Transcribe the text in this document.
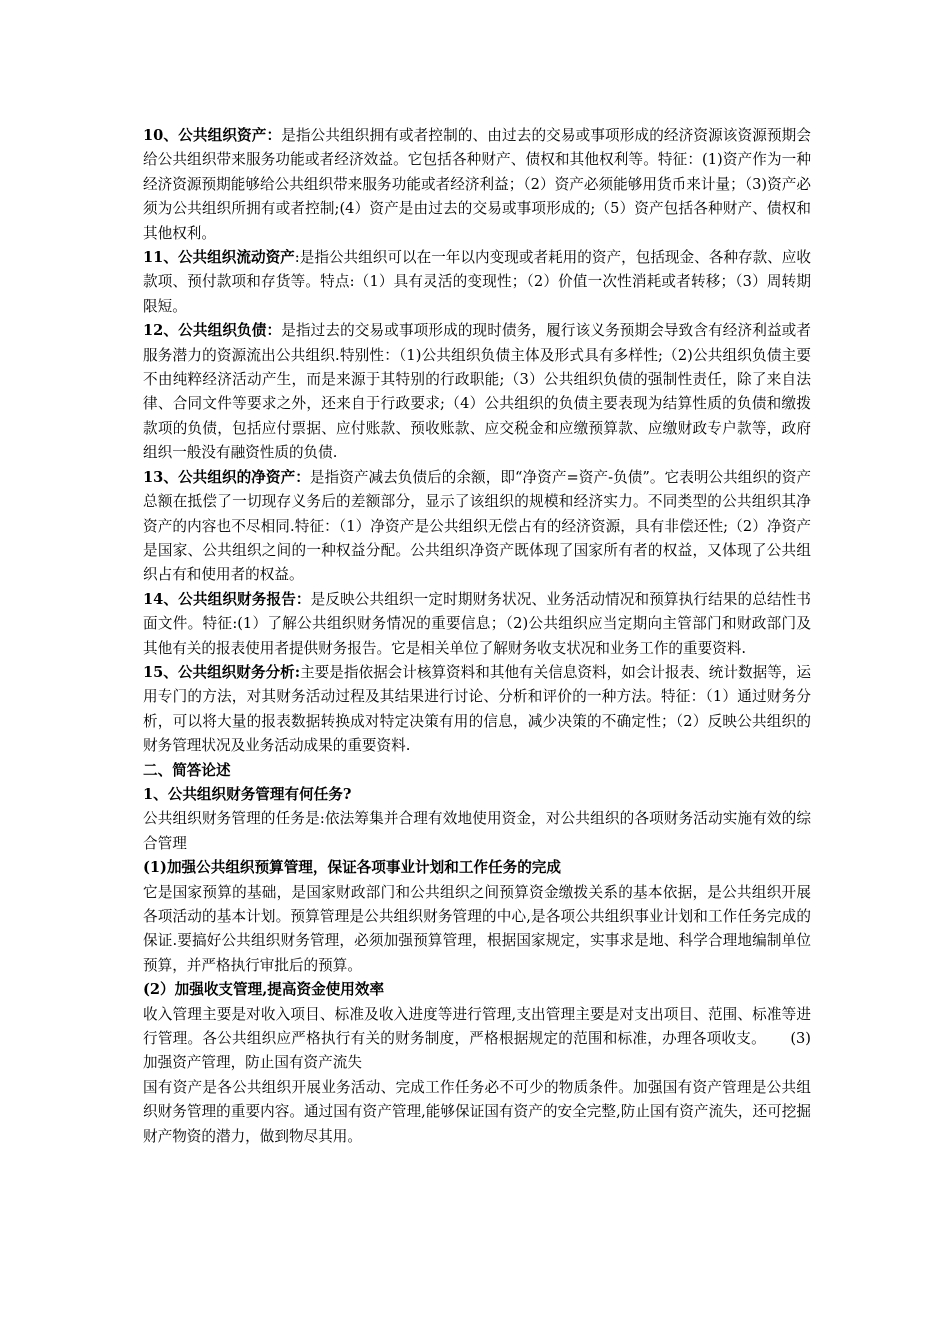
10、公共组织资产：是指公共组织拥有或者控制的、由过去的交易或事项形成的经济资源该资源预期会给公共组织带来服务功能或者经济效益。它包括各种财产、债权和其他权利等。特征：(1)资产作为一种经济资源预期能够给公共组织带来服务功能或者经济利益；（2）资产必须能够用货币来计量；（3)资产必须为公共组织所拥有或者控制;(4）资产是由过去的交易或事项形成的;（5）资产包括各种财产、债权和其他权利。

11、公共组织流动资产:是指公共组织可以在一年以内变现或者耗用的资产，包括现金、各种存款、应收款项、预付款项和存货等。特点:（1）具有灵活的变现性；（2）价值一次性消耗或者转移；（3）周转期限短。

12、公共组织负债：是指过去的交易或事项形成的现时债务，履行该义务预期会导致含有经济利益或者服务潜力的资源流出公共组织.特别性：（1)公共组织负债主体及形式具有多样性;（2)公共组织负债主要不由纯粹经济活动产生，而是来源于其特别的行政职能;（3）公共组织负债的强制性责任，除了来自法律、合同文件等要求之外，还来自于行政要求;（4）公共组织的负债主要表现为结算性质的负债和缴拨款项的负债，包括应付票据、应付账款、预收账款、应交税金和应缴预算款、应缴财政专户款等，政府组织一般没有融资性质的负债.

13、公共组织的净资产：是指资产减去负债后的余额，即“净资产=资产-负债”。它表明公共组织的资产总额在抵偿了一切现存义务后的差额部分，显示了该组织的规模和经济实力。不同类型的公共组织其净资产的内容也不尽相同.特征：（1）净资产是公共组织无偿占有的经济资源，具有非偿还性;（2）净资产是国家、公共组织之间的一种权益分配。公共组织净资产既体现了国家所有者的权益，又体现了公共组织占有和使用者的权益。

14、公共组织财务报告：是反映公共组织一定时期财务状况、业务活动情况和预算执行结果的总结性书面文件。特征:(1）了解公共组织财务情况的重要信息；（2)公共组织应当定期向主管部门和财政部门及其他有关的报表使用者提供财务报告。它是相关单位了解财务收支状况和业务工作的重要资料.

15、公共组织财务分析:主要是指依据会计核算资料和其他有关信息资料，如会计报表、统计数据等，运用专门的方法，对其财务活动过程及其结果进行讨论、分析和评价的一种方法。特征：（1）通过财务分析，可以将大量的报表数据转换成对特定决策有用的信息，减少决策的不确定性；（2）反映公共组织的财务管理状况及业务活动成果的重要资料.

二、简答论述

1、公共组织财务管理有何任务?

公共组织财务管理的任务是:依法筹集并合理有效地使用资金，对公共组织的各项财务活动实施有效的综合管理

(1)加强公共组织预算管理，保证各项事业计划和工作任务的完成

它是国家预算的基础，是国家财政部门和公共组织之间预算资金缴拨关系的基本依据，是公共组织开展各项活动的基本计划。预算管理是公共组织财务管理的中心,是各项公共组织事业计划和工作任务完成的保证.要搞好公共组织财务管理，必须加强预算管理，根据国家规定，实事求是地、科学合理地编制单位预算，并严格执行审批后的预算。

(2）加强收支管理,提高资金使用效率

收入管理主要是对收入项目、标准及收入进度等进行管理,支出管理主要是对支出项目、范围、标准等进行管理。各公共组织应严格执行有关的财务制度，严格根据规定的范围和标准，办理各项收支。 (3)加强资产管理，防止国有资产流失

国有资产是各公共组织开展业务活动、完成工作任务必不可少的物质条件。加强国有资产管理是公共组织财务管理的重要内容。通过国有资产管理,能够保证国有资产的安全完整,防止国有资产流失，还可挖掘财产物资的潜力，做到物尽其用。
